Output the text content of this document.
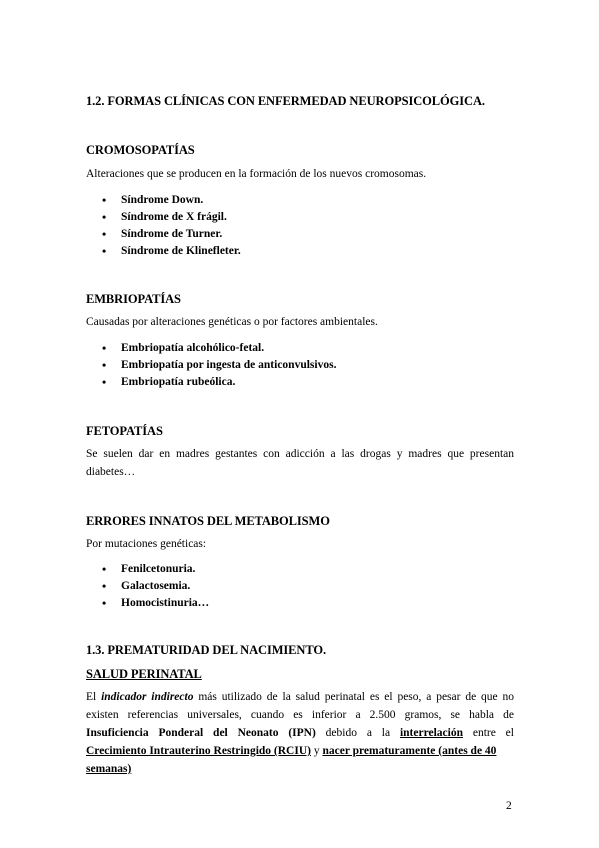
1.2. FORMAS CLÍNICAS CON ENFERMEDAD NEUROPSICOLÓGICA.
CROMOSOPATÍAS
Alteraciones que se producen en la formación de los nuevos cromosomas.
• Síndrome Down.
• Síndrome de X frágil.
• Síndrome de Turner.
• Síndrome de Klinefleter.
EMBRIOPATÍAS
Causadas por alteraciones genéticas o por factores ambientales.
• Embriopatía alcohólico-fetal.
• Embriopatía por ingesta de anticonvulsivos.
• Embriopatía rubeólica.
FETOPATÍAS
Se suelen dar en madres gestantes con adicción a las drogas y madres que presentan
diabetes…
ERRORES INNATOS DEL METABOLISMO
Por mutaciones genéticas:
• Fenilcetonuria.
• Galactosemia.
• Homocistinuria…
1.3. PREMATURIDAD DEL NACIMIENTO.
SALUD PERINATAL
El indicador indirecto más utilizado de la salud perinatal es el peso, a pesar de que no
existen referencias universales, cuando es inferior a 2.500 gramos, se habla de
Insuficiencia Ponderal del Neonato (IPN) debido a la interrelación entre el
Crecimiento Intrauterino Restringido (RCIU) y nacer prematuramente (antes de 40
semanas)
2
